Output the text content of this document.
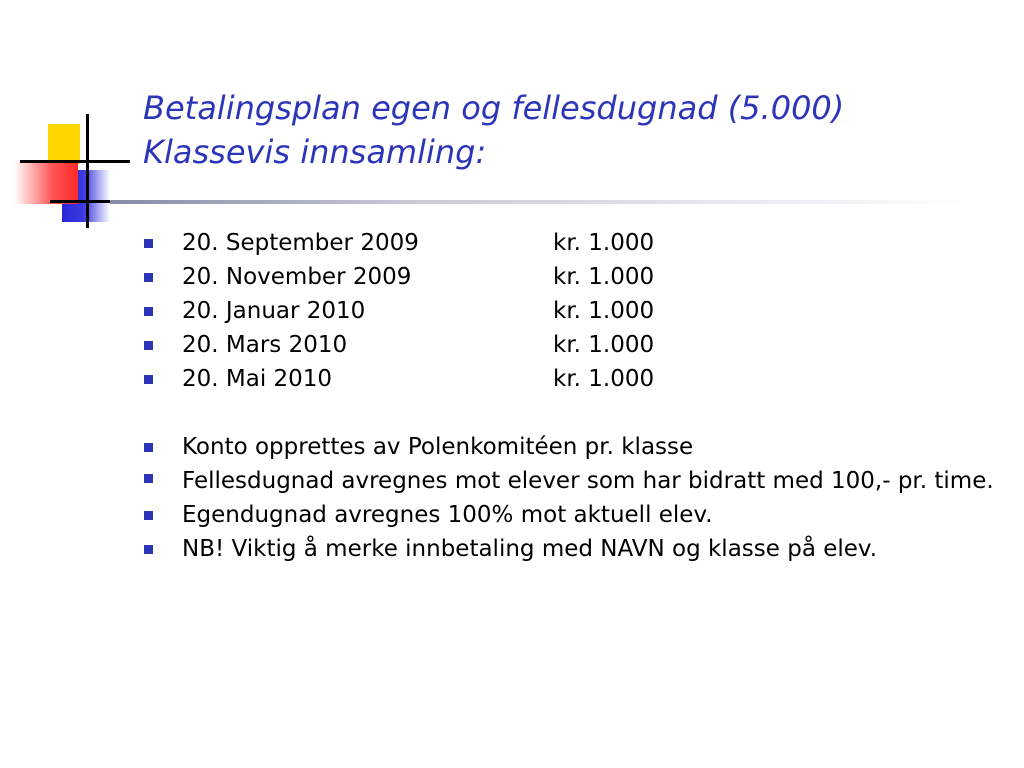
Betalingsplan egen og fellesdugnad (5.000)
Klassevis innsamling:
20. September 2009	kr. 1.000
20. November 2009	kr. 1.000
20. Januar 2010	kr. 1.000
20. Mars 2010	kr. 1.000
20. Mai 2010	kr. 1.000
Konto opprettes av Polenkomitéen pr. klasse
Fellesdugnad avregnes mot elever som har bidratt med 100,- pr. time.
Egendugnad avregnes 100% mot aktuell elev.
NB! Viktig å merke innbetaling med NAVN og klasse på elev.
